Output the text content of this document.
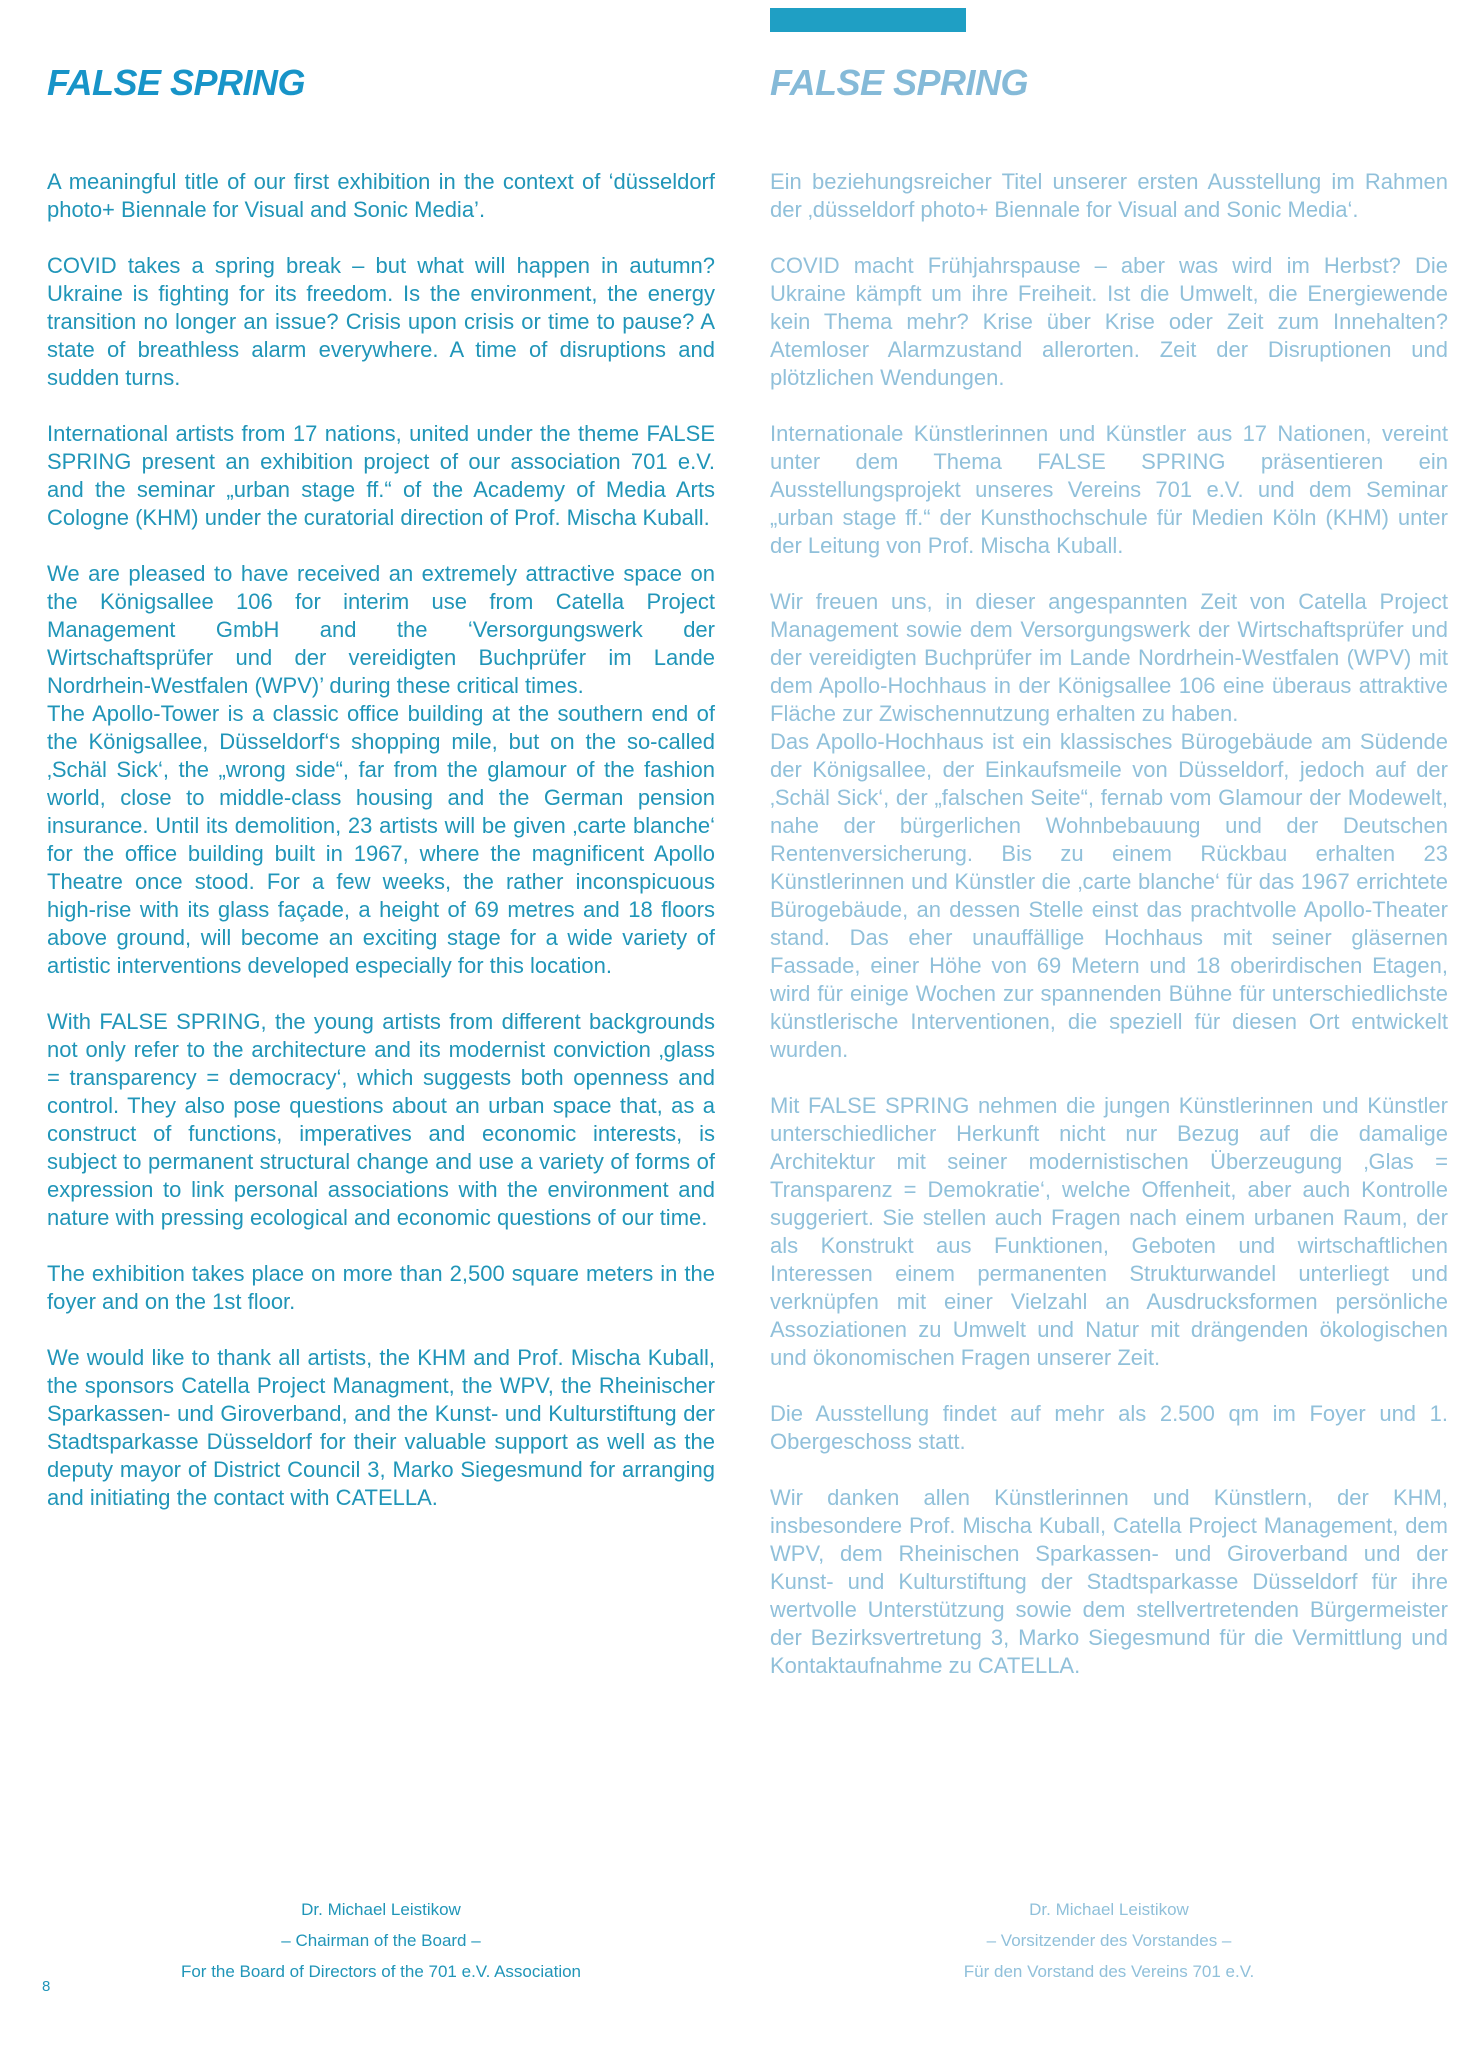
FALSE SPRING	FALSE SPRING

A meaningful title of our first exhibition in the context of ‘düsseldorf photo+ Biennale for Visual and Sonic Media’.

COVID takes a spring break – but what will happen in autumn? Ukraine is fighting for its freedom. Is the environment, the energy transition no longer an issue? Crisis upon crisis or time to pause? A state of breathless alarm everywhere. A time of disruptions and sudden turns.

International artists from 17 nations, united under the theme FALSE SPRING present an exhibition project of our association 701 e.V. and the seminar „urban stage ff.“ of the Academy of Media Arts Cologne (KHM) under the curatorial direction of Prof. Mischa Kuball.

We are pleased to have received an extremely attractive space on the Königsallee 106 for interim use from Catella Project Management GmbH and the ‘Versorgungswerk der Wirtschaftsprüfer und der vereidigten Buchprüfer im Lande Nordrhein-Westfalen (WPV)’ during these critical times.

The Apollo-Tower is a classic office building at the southern end of the Königsallee, Düsseldorf‘s shopping mile, but on the so-called ‚Schäl Sick‘, the „wrong side“, far from the glamour of the fashion world, close to middle-class housing and the German pension insurance. Until its demolition, 23 artists will be given ‚carte blanche‘ for the office building built in 1967, where the magnificent Apollo Theatre once stood. For a few weeks, the rather inconspicuous high-rise with its glass façade, a height of 69 metres and 18 floors above ground, will become an exciting stage for a wide variety of artistic interventions developed especially for this location.

With FALSE SPRING, the young artists from different backgrounds not only refer to the architecture and its modernist conviction ‚glass = transparency = democracy‘, which suggests both openness and control. They also pose questions about an urban space that, as a construct of functions, imperatives and economic interests, is subject to permanent structural change and use a variety of forms of expression to link personal associations with the environment and nature with pressing ecological and economic questions of our time.

The exhibition takes place on more than 2,500 square meters in the foyer and on the 1st floor.

We would like to thank all artists, the KHM and Prof. Mischa Kuball, the sponsors Catella Project Managment, the WPV, the Rheinischer Sparkassen- und Giroverband, and the Kunst- und Kulturstiftung der Stadtsparkasse Düsseldorf for their valuable support as well as the deputy mayor of District Council 3, Marko Siegesmund for arranging and initiating the contact with CATELLA.

Ein beziehungsreicher Titel unserer ersten Ausstellung im Rahmen der ‚düsseldorf photo+ Biennale for Visual and Sonic Media‘.

COVID macht Frühjahrspause – aber was wird im Herbst? Die Ukraine kämpft um ihre Freiheit. Ist die Umwelt, die Energiewende kein Thema mehr? Krise über Krise oder Zeit zum Innehalten? Atemloser Alarmzustand allerorten. Zeit der Disruptionen und plötzlichen Wendungen.

Internationale Künstlerinnen und Künstler aus 17 Nationen, vereint unter dem Thema FALSE SPRING präsentieren ein Ausstellungsprojekt unseres Vereins 701 e.V. und dem Seminar „urban stage ff.“ der Kunsthochschule für Medien Köln (KHM) unter der Leitung von Prof. Mischa Kuball.

Wir freuen uns, in dieser angespannten Zeit von Catella Project Management sowie dem Versorgungswerk der Wirtschaftsprüfer und der vereidigten Buchprüfer im Lande Nordrhein-Westfalen (WPV) mit dem Apollo-Hochhaus in der Königsallee 106 eine überaus attraktive Fläche zur Zwischennutzung erhalten zu haben.

Das Apollo-Hochhaus ist ein klassisches Bürogebäude am Südende der Königsallee, der Einkaufsmeile von Düsseldorf, jedoch auf der ‚Schäl Sick‘, der „falschen Seite“, fernab vom Glamour der Modewelt, nahe der bürgerlichen Wohnbebauung und der Deutschen Rentenversicherung. Bis zu einem Rückbau erhalten 23 Künstlerinnen und Künstler die ‚carte blanche‘ für das 1967 errichtete Bürogebäude, an dessen Stelle einst das prachtvolle Apollo-Theater stand. Das eher unauffällige Hochhaus mit seiner gläsernen Fassade, einer Höhe von 69 Metern und 18 oberirdischen Etagen, wird für einige Wochen zur spannenden Bühne für unterschiedlichste künstlerische Interventionen, die speziell für diesen Ort entwickelt wurden.

Mit FALSE SPRING nehmen die jungen Künstlerinnen und Künstler unterschiedlicher Herkunft nicht nur Bezug auf die damalige Architektur mit seiner modernistischen Überzeugung ‚Glas = Transparenz = Demokratie‘, welche Offenheit, aber auch Kontrolle suggeriert. Sie stellen auch Fragen nach einem urbanen Raum, der als Konstrukt aus Funktionen, Geboten und wirtschaftlichen Interessen einem permanenten Strukturwandel unterliegt und verknüpfen mit einer Vielzahl an Ausdrucksformen persönliche Assoziationen zu Umwelt und Natur mit drängenden ökologischen und ökonomischen Fragen unserer Zeit.

Die Ausstellung findet auf mehr als 2.500 qm im Foyer und 1. Obergeschoss statt.

Wir danken allen Künstlerinnen und Künstlern, der KHM, insbesondere Prof. Mischa Kuball, Catella Project Management, dem WPV, dem Rheinischen Sparkassen- und Giroverband und der Kunst- und Kulturstiftung der Stadtsparkasse Düsseldorf für ihre wertvolle Unterstützung sowie dem stellvertretenden Bürgermeister der Bezirksvertretung 3, Marko Siegesmund für die Vermittlung und Kontaktaufnahme zu CATELLA.

Dr. Michael Leistikow

– Chairman of the Board –

For the Board of Directors of the 701 e.V. Association

Dr. Michael Leistikow

– Vorsitzender des Vorstandes –

Für den Vorstand des Vereins 701 e.V.

8
